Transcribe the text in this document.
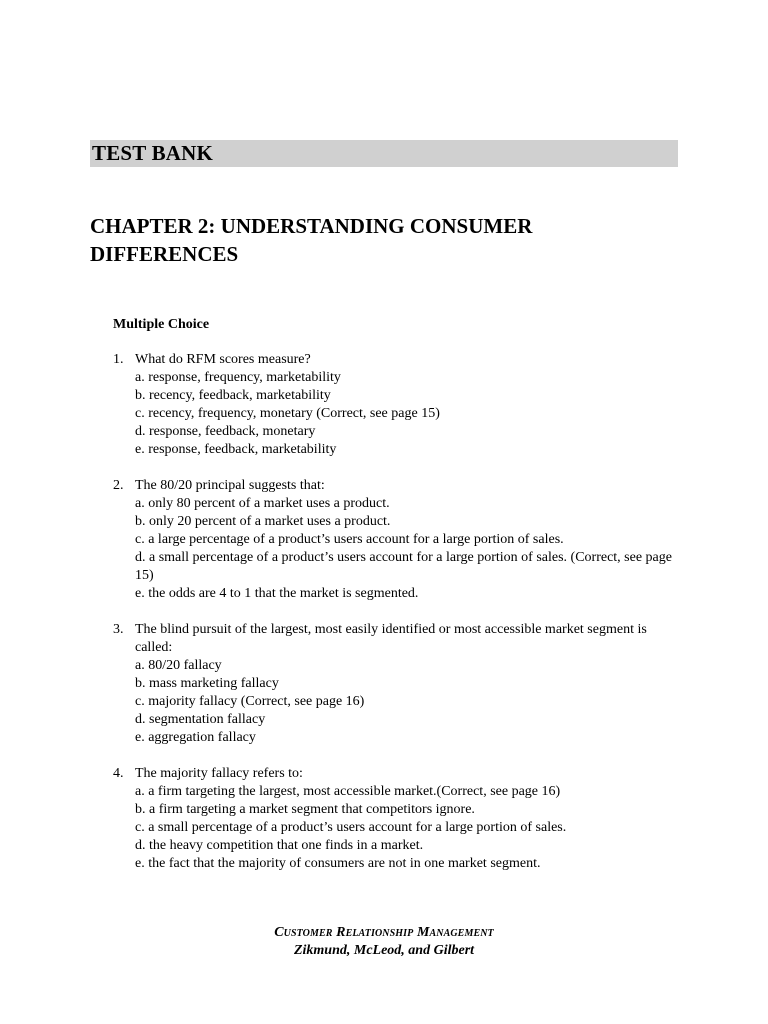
TEST BANK
CHAPTER 2: UNDERSTANDING CONSUMER DIFFERENCES
Multiple Choice
1. What do RFM scores measure?
a. response, frequency, marketability
b. recency, feedback, marketability
c. recency, frequency, monetary (Correct, see page 15)
d. response, feedback, monetary
e. response, feedback, marketability
2. The 80/20 principal suggests that:
a. only 80 percent of a market uses a product.
b. only 20 percent of a market uses a product.
c. a large percentage of a product’s users account for a large portion of sales.
d. a small percentage of a product’s users account for a large portion of sales. (Correct, see page 15)
e. the odds are 4 to 1 that the market is segmented.
3. The blind pursuit of the largest, most easily identified or most accessible market segment is called:
a. 80/20 fallacy
b. mass marketing fallacy
c. majority fallacy (Correct, see page 16)
d. segmentation fallacy
e. aggregation fallacy
4. The majority fallacy refers to:
a. a firm targeting the largest, most accessible market.(Correct, see page 16)
b. a firm targeting a market segment that competitors ignore.
c. a small percentage of a product’s users account for a large portion of sales.
d. the heavy competition that one finds in a market.
e. the fact that the majority of consumers are not in one market segment.
Customer Relationship Management
Zikmund, McLeod, and Gilbert
